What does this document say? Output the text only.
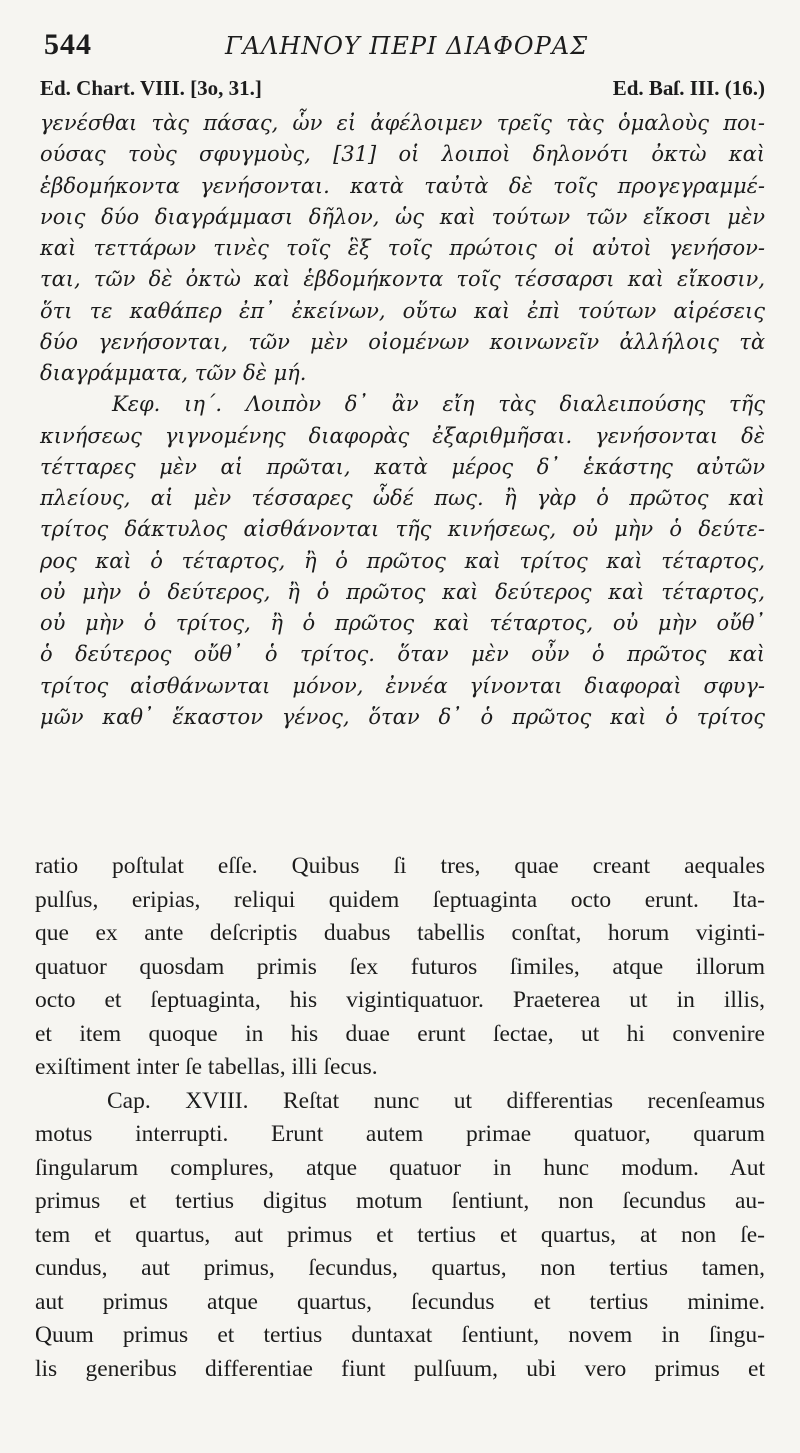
544	ΓΑΛΗΝΟΥ ΠΕΡΙ ΔΙΑΦΟΡΑΣ
Ed. Chart. VIII. [3o, 31.]	Ed. Baſ. III. (16.)
γενέσθαι τὰς πάσας, ὧν εἰ ἀφέλοιμεν τρεῖς τὰς ὁμαλοὺς ποι-
ούσας τοὺς σφυγμοὺς, [31] οἱ λοιποὶ δηλονότι ὀκτὼ καὶ
ἑβδομήκοντα γενήσονται. κατὰ ταὐτὰ δὲ τοῖς προγεγραμμέ-
νοις δύο διαγράμμασι δῆλον, ὡς καὶ τούτων τῶν εἴκοσι μὲν
καὶ τεττάρων τινὲς τοῖς ἓξ τοῖς πρώτοις οἱ αὐτοὶ γενήσον-
ται, τῶν δὲ ὀκτὼ καὶ ἑβδομήκοντα τοῖς τέσσαρσι καὶ εἴκοσιν,
ὅτι τε καθάπερ ἐπ᾽ ἐκείνων, οὕτω καὶ ἐπὶ τούτων αἱρέσεις
δύο γενήσονται, τῶν μὲν οἰομένων κοινωνεῖν ἀλλήλοις τὰ
διαγράμματα, τῶν δὲ μή.
Κεφ. ιη΄. Λοιπὸν δ᾽ ἂν εἴη τὰς διαλειπούσης τῆς
κινήσεως γιγνομένης διαφορὰς ἐξαριθμῆσαι. γενήσονται δὲ
τέτταρες μὲν αἱ πρῶται, κατὰ μέρος δ᾽ ἑκάστης αὐτῶν
πλείους, αἱ μὲν τέσσαρες ὧδέ πως. ἢ γὰρ ὁ πρῶτος καὶ
τρίτος δάκτυλος αἰσθάνονται τῆς κινήσεως, οὐ μὴν ὁ δεύτε-
ρος καὶ ὁ τέταρτος, ἢ ὁ πρῶτος καὶ τρίτος καὶ τέταρτος,
οὐ μὴν ὁ δεύτερος, ἢ ὁ πρῶτος καὶ δεύτερος καὶ τέταρτος,
οὐ μὴν ὁ τρίτος, ἢ ὁ πρῶτος καὶ τέταρτος, οὐ μὴν οὔθ᾽
ὁ δεύτερος οὔθ᾽ ὁ τρίτος. ὅταν μὲν οὖν ὁ πρῶτος καὶ
τρίτος αἰσθάνωνται μόνον, ἐννέα γίνονται διαφοραὶ σφυγ-
μῶν καθ᾽ ἕκαστον γένος, ὅταν δ᾽ ὁ πρῶτος καὶ ὁ τρίτος
ratio poſtulat eſſe. Quibus ſi tres, quae creant aequales
pulſus, eripias, reliqui quidem ſeptuaginta octo erunt. Ita-
que ex ante deſcriptis duabus tabellis conſtat, horum viginti-
quatuor quosdam primis ſex futuros ſimiles, atque illorum
octo et ſeptuaginta, his vigintiquatuor. Praeterea ut in illis,
et item quoque in his duae erunt ſectae, ut hi convenire
exiſtiment inter ſe tabellas, illi ſecus.
Cap. XVIII. Reſtat nunc ut differentias recenſeamus
motus interrupti. Erunt autem primae quatuor, quarum
ſingularum complures, atque quatuor in hunc modum. Aut
primus et tertius digitus motum ſentiunt, non ſecundus au-
tem et quartus, aut primus et tertius et quartus, at non ſe-
cundus, aut primus, ſecundus, quartus, non tertius tamen,
aut primus atque quartus, ſecundus et tertius minime.
Quum primus et tertius duntaxat ſentiunt, novem in ſingu-
lis generibus differentiae fiunt pulſuum, ubi vero primus et
